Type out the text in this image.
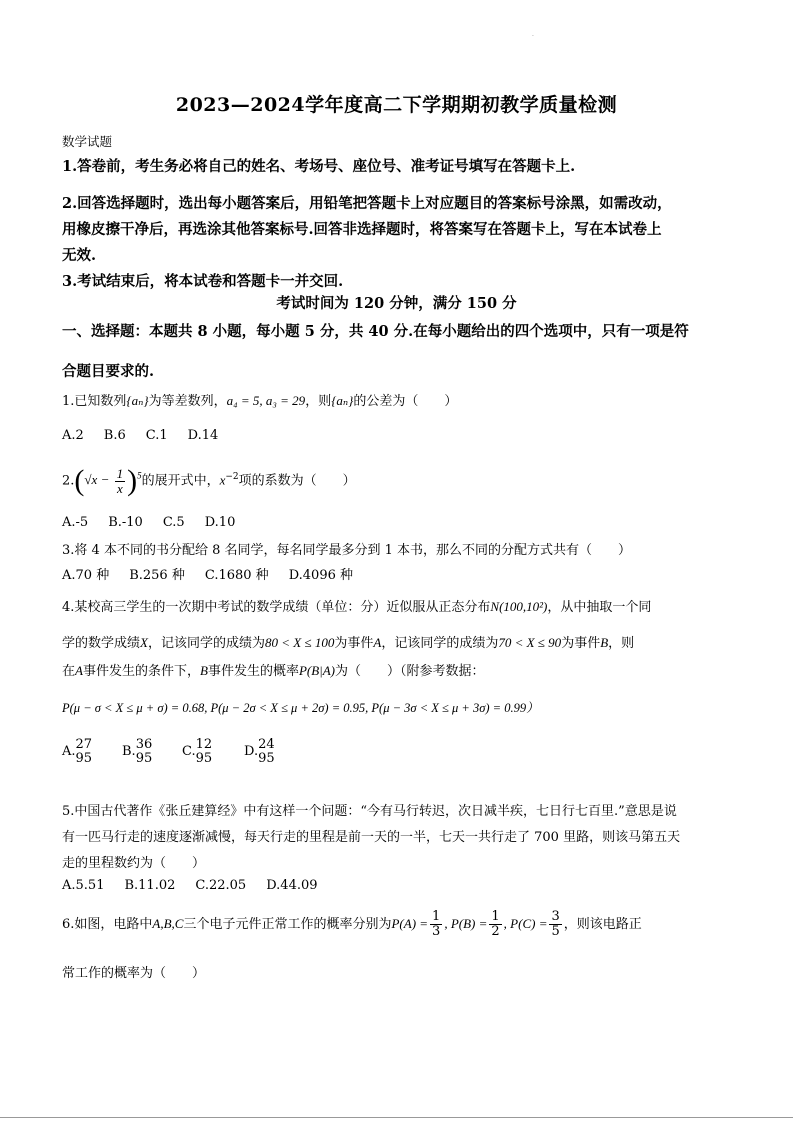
·
2023—2024学年度高二下学期期初教学质量检测
数学试题
1.答卷前，考生务必将自己的姓名、考场号、座位号、准考证号填写在答题卡上.
2.回答选择题时，选出每小题答案后，用铅笔把答题卡上对应题目的答案标号涂黑，如需改动，
用橡皮擦干净后，再选涂其他答案标号.回答非选择题时，将答案写在答题卡上，写在本试卷上
无效.
3.考试结束后，将本试卷和答题卡一并交回.
考试时间为 120 分钟，满分 150 分
一、选择题：本题共 8 小题，每小题 5 分，共 40 分.在每小题给出的四个选项中，只有一项是符
合题目要求的.
1.已知数列{aₙ}为等差数列，a₄ = 5, a₃ = 29，则{aₙ}的公差为（　　）
A.2 B.6 C.1 D.14
$2.(√x - \frac{1}{x} )^5$的展开式中，$x^{-2}$项的系数为（　　）
A.-5 B.-10 C.5 D.10
3.将 4 本不同的书分配给 8 名同学，每名同学最多分到 1 本书，那么不同的分配方式共有（　　）
A.70 种 B.256 种 C.1680 种 D.4096 种
4.某校高三学生的一次期中考试的数学成绩（单位：分）近似服从正态分布N(100,10²)，从中抽取一个同
学的数学成绩X，记该同学的成绩为80 < X ≤ 100为事件A，记该同学的成绩为70 < X ≤ 90为事件B，则
在A事件发生的条件下，B事件发生的概率P(B|A)为（　　）（附参考数据：
P(μ − σ < X ≤ μ + σ) = 0.68, P(μ − 2σ < X ≤ μ + 2σ) = 0.95, P(μ − 3σ < X ≤ μ + 3σ) = 0.99）
A. 27
95 B. 36
95 C. 12
95 D. 24
95
5.中国古代著作《张丘建算经》中有这样一个问题：“今有马行转迟，次日减半疾，七日行七百里.”意思是说
有一匹马行走的速度逐渐减慢，每天行走的里程是前一天的一半，七天一共行走了 700 里路，则该马第五天
走的里程数约为（　　）
A.5.51 B.11.02 C.22.05 D.44.09
6.如图，电路中A,B,C三个电子元件正常工作的概率分别为$P(A) = \frac{1}{3}$ , $P(B) = \frac{1}{2}$ , $P(C) = \frac{3}{5}$ ，则该电路正
常工作的概率为（　　）
